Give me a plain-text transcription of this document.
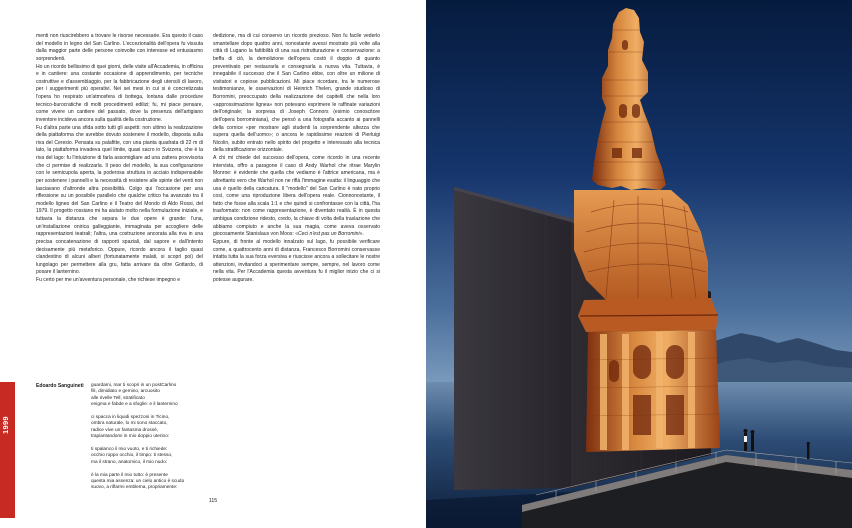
menti non riuscirebbero a trovare le risorse necessarie. Era questo il caso del modello in legno del San Carlino. L'eccezionalità dell'opera fu vissuta dalla maggior parte delle persone coinvolte con interesse ed entusiasmo sorprendenti.

Ho un ricordo bellissimo di quei giorni, delle visite all'Accademia, in officina e in cantiere: una costante occasione di apprendimento, per tecniche costruttive e d'assemblaggio, per la fabbricazione degli utensili di lavoro, per i suggerimenti più operativi. Nei sei mesi in cui si è concretizzata l'opera ho respirato un'atmosfera di bottega, lontana dalle procedure tecnico-burocratiche di molti procedimenti edilizi; fu, mi piace pensare, come vivere un cantiere del passato, dove la presenza dell'artigiano inventore incideva ancora sulla qualità della costruzione.

Fu d'altra parte una sfida sotto tutti gli aspetti: non ultimo la realizzazione della piattaforma che avrebbe dovuto sostenere il modello, disposta sulla riva del Ceresio. Pensata su palafitte, con una pianta quadrata di 22 m di lato, la piattaforma invadeva quel limite, quasi sacro in Svizzera, che è la riva del lago: fu l'intuizione di farla assomigliare ad una zattera provvisoria che ci permise di realizzarla. Il peso del modello, la sua configurazione con le semicupola aperta, la poderosa struttura in acciaio indispensabile per sostenere i pannelli e la necessità di resistere alle spinte del venti non lasciavano d'altronde altra possibilità. Colgo qui l'occasione per una riflessione su un possibile parallelo che qualche critico ha avanzato tra il modello ligneo del San Carlino e il Teatro del Mondo di Aldo Rossi, del 1979. Il progetto rossiano mi ha aiutato molto nella formulazione iniziale, e tuttavia la distanza che separa le due opere è grande: l'una, un'installazione onirica galleggiante, immaginata per accogliere delle rappresentazioni teatrali; l'altra, una costruzione ancorata alla riva in una precisa concatenazione di rapporti spaziali, dal sapore e dall'intento decisamente più metaforico. Oppure, ricordo ancora il taglio quasi clandestino di alcuni alberi (fortunatamente malati, si scoprì poi) del lungolago per permettere alla gru, fatta arrivare da oltre Gottardo, di posare il lanternino.

Fu certo per me un'avventura personale, che richiese impegno e

dedizione, ma di cui conservo un ricordo prezioso. Non fu facile vederlo smantellare dopo quattro anni, nonostante avessi mostrato più volte alla città di Lugano la fattibilità di una sua ristrutturazione e conservazione: a beffa di ciò, la demolizione dell'opera costò il doppio di quanto preventivato per restaurarla e consegnarla a nuova vita. Tuttavia, è innegabile il successo che il San Carlino ebbe, con oltre un milione di visitatori e copiose pubblicazioni. Mi piace ricordare, tra le numerose testimonianze, le osservazioni di Heinrich Thelen, grande studioso di Borromini, preoccupato della realizzazione dei capitelli che nella loro «approssimazione lignea» non potevano esprimere le raffinate variazioni dell'originale; la sorpresa di Joseph Connors (esimio conoscitore dell'opera borrominiana), che pensò a una fotografia accanto ai pannelli della cornice «per mostrare agli studenti la sorprendente altezza che supera quella dell'uomo»; o ancora le rapidissime reazioni di Pierluigi Nicolin, subito entrato nello spirito del progetto e interessato alla tecnica della stratificazione orizzontale.

A chi mi chiede del successo dell'opera, come ricordo in una recente intervista, offro a paragone il caso di Andy Warhol che ritrae Marylin Monroe: è evidente che quella che vediamo è l'attrice americana, ma è altrettanto vero che Warhol non ne riflà l'immagine esatta: il linguaggio che usa è quello della caricatura. Il "modello" del San Carlino è nato proprio così, come una riproduzione libera dell'opera reale. Cionnonostante, il fatto che fosse alla scala 1:1 e che quindi si confrontasse con la città, l'ha trasformato: non come rappresentazione, è diventato realtà. È in questa ambigua condizione ridesto, credo, la chiave di volta della traslazione che abbiamo compiuto e anche la sua magia, come aveva osservato giocosamente Stanislaus von Moos: «Ceci n'est pas un Borromini».

Eppure, di fronte al modello innalzato sul lago, fu possibile verificare come, a quattrocento anni di distanza, Francesco Borromini conservasse intatta tutta la sua forza eversiva e riuscisse ancora a sollecitare le nostre attenzioni, invitandoci a sperimentare sempre, sempre, nel lavoro come nella vita. Per l'Accademia questa avventura fu il miglior inizio che ci si potesse augurare.

1999
Edoardo Sanguineti guardami, mar ti scopri in un postCarlino
fili, dimidiato e gemino, arcuosito
alle rivelle Tell, stratificato
enigma e fabde e a sfoglie: e il lanternino
ci spacca in liquidi spezzoni in Ticino,
ombra naturale, lo mi sono staccato,
radice vive un fantasma drossé,
trapiantandomi in mio doppio uterino:
ti spalanco il mio vuoto, e ti richiede:
occhio roppo occhio, il timpo: ti stesso,
ma il strano, anatomico, il mio nudo:
è la mia parte il mio tutto: è presente
questa mia assenza: un cielo antico è scudo
suovo, a riflarmi emblema, propriamente:
115
